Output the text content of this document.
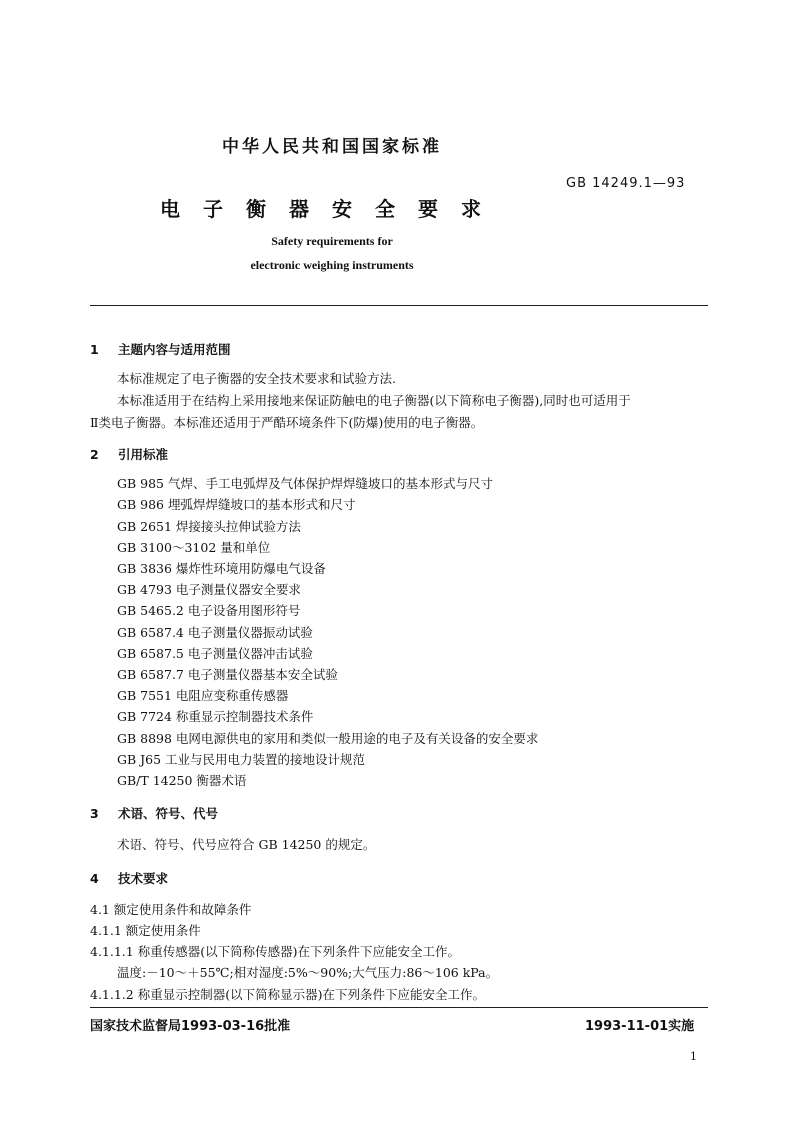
中华人民共和国国家标准
GB 14249.1—93
电子衡器安全要求
Safety requirements for
electronic weighing instruments
1 主题内容与适用范围
本标准规定了电子衡器的安全技术要求和试验方法.
本标准适用于在结构上采用接地来保证防触电的电子衡器(以下简称电子衡器),同时也可适用于
Ⅱ类电子衡器。本标准还适用于严酷环境条件下(防爆)使用的电子衡器。
2 引用标准
GB 985 气焊、手工电弧焊及气体保护焊焊缝坡口的基本形式与尺寸
GB 986 埋弧焊焊缝坡口的基本形式和尺寸
GB 2651 焊接接头拉伸试验方法
GB 3100～3102 量和单位
GB 3836 爆炸性环境用防爆电气设备
GB 4793 电子测量仪器安全要求
GB 5465.2 电子设备用图形符号
GB 6587.4 电子测量仪器振动试验
GB 6587.5 电子测量仪器冲击试验
GB 6587.7 电子测量仪器基本安全试验
GB 7551 电阻应变称重传感器
GB 7724 称重显示控制器技术条件
GB 8898 电网电源供电的家用和类似一般用途的电子及有关设备的安全要求
GB J65 工业与民用电力装置的接地设计规范
GB/T 14250 衡器术语
3 术语、符号、代号
术语、符号、代号应符合 GB 14250 的规定。
4 技术要求
4.1 额定使用条件和故障条件
4.1.1 额定使用条件
4.1.1.1 称重传感器(以下简称传感器)在下列条件下应能安全工作。
温度:－10～＋55℃;相对湿度:5%～90%;大气压力:86～106 kPa。
4.1.1.2 称重显示控制器(以下简称显示器)在下列条件下应能安全工作。
国家技术监督局1993-03-16批准	1993-11-01实施
1
